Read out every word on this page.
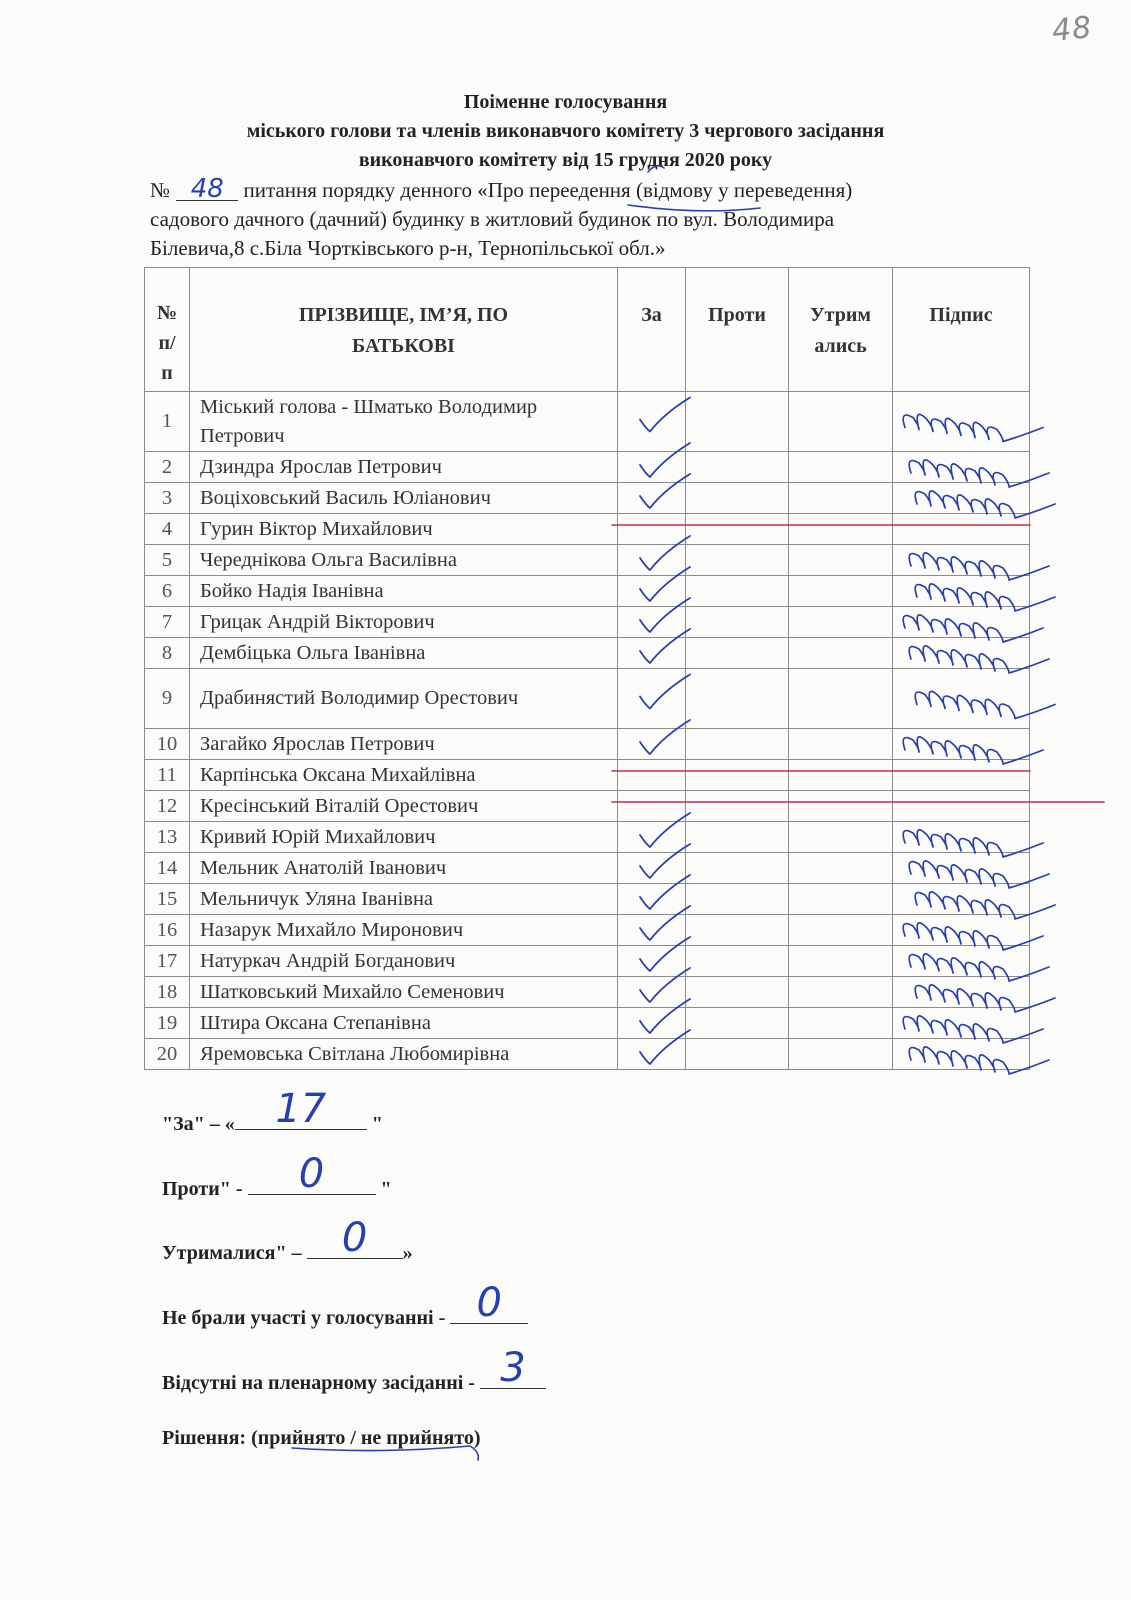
48
Поіменне голосування
міського голови та членів виконавчого комітету 3 чергового засідання
виконавчого комітету від 15 грудня 2020 року
№ 48 питання порядку денного «Про переедення (відмову у переведення)
садового дачного (дачний) будинку в житловий будинок по вул. Володимира
Білевича,8 с.Біла Чортківського р-н, Тернопільської обл.»
№ п/ п	ПРІЗВИЩЕ, ІМ’Я, ПО БАТЬКОВІ	За	Проти	Утрим ались	Підпис
1	Міський голова - Шматько Володимир Петрович				
2	Дзиндра Ярослав Петрович				
3	Воціховський Василь Юліанович				
4	Гурин Віктор Михайлович				
5	Череднікова Ольга Василівна				
6	Бойко Надія Іванівна				
7	Грицак Андрій Вікторович				
8	Дембіцька Ольга Іванівна				
9	Драбинястий Володимир Орестович				
10	Загайко Ярослав Петрович				
11	Карпінська Оксана Михайлівна				
12	Кресінський Віталій Орестович				
13	Кривий Юрій Михайлович				
14	Мельник Анатолій Іванович				
15	Мельничук Уляна Іванівна				
16	Назарук Михайло Миронович				
17	Натуркач Андрій Богданович				
18	Шатковський Михайло Семенович				
19	Штира Оксана Степанівна				
20	Яремовська Світлана Любомирівна				
"За" – «	17	"
Проти" -	0	"
Утрималися" –	0	»
Не брали участі у голосуванні - 0
Відсутні на пленарному засіданні - 3
Рішення: (прийнято / не прийнято)
